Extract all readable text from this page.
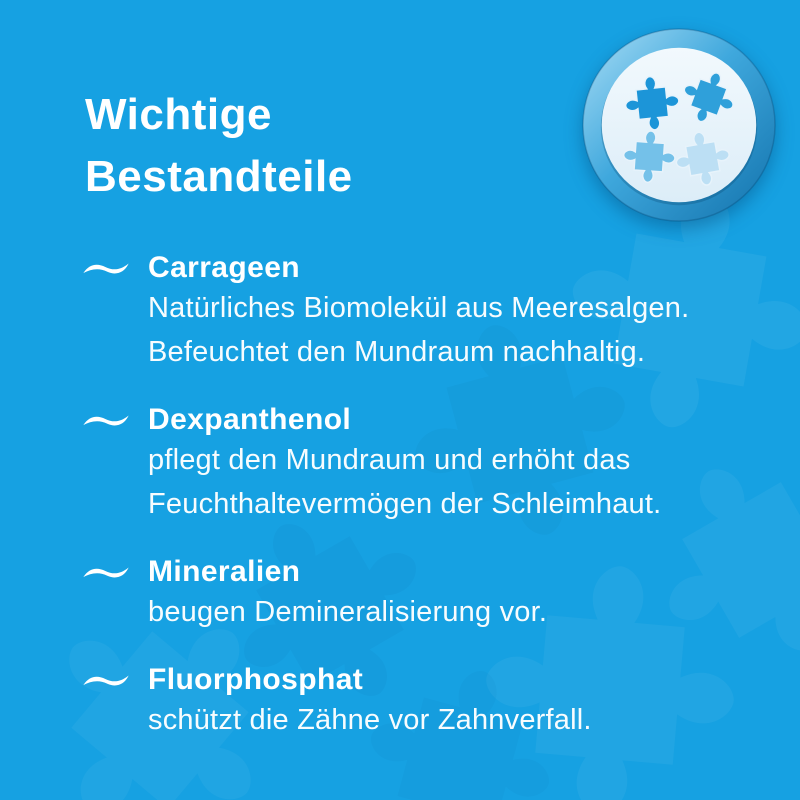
Wichtige
Bestandteile
Carrageen
Natürliches Biomolekül aus Meeresalgen.
Befeuchtet den Mundraum nachhaltig.
Dexpanthenol
pflegt den Mundraum und erhöht das
Feuchthaltevermögen der Schleimhaut.
Mineralien
beugen Demineralisierung vor.
Fluorphosphat
schützt die Zähne vor Zahnverfall.
